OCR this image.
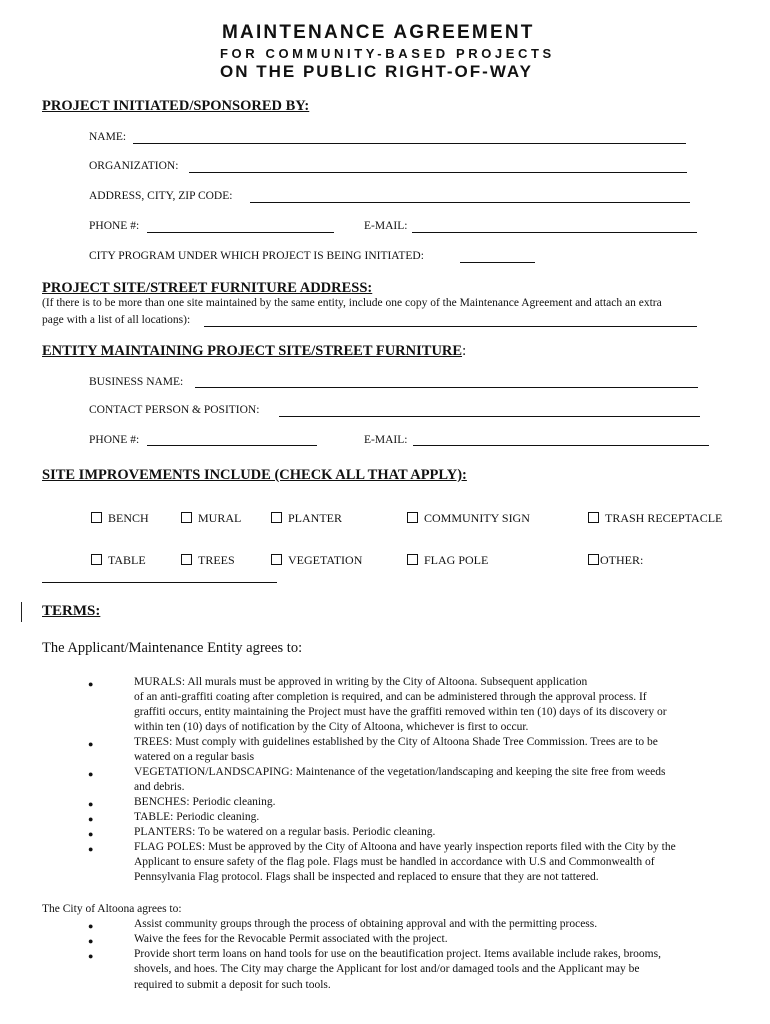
MAINTENANCE AGREEMENT
FOR COMMUNITY-BASED PROJECTS
ON THE PUBLIC RIGHT-OF-WAY
PROJECT INITIATED/SPONSORED BY:
NAME:
ORGANIZATION:
ADDRESS, CITY, ZIP CODE:
PHONE #:	E-MAIL:
CITY PROGRAM UNDER WHICH PROJECT IS BEING INITIATED:
PROJECT SITE/STREET FURNITURE ADDRESS:
(If there is to be more than one site maintained by the same entity, include one copy of the Maintenance Agreement and attach an extra
page with a list of all locations):
ENTITY MAINTAINING PROJECT SITE/STREET FURNITURE:
BUSINESS NAME:
CONTACT PERSON & POSITION:
PHONE #:	E-MAIL:
SITE IMPROVEMENTS INCLUDE (CHECK ALL THAT APPLY):
BENCH	MURAL	PLANTER	COMMUNITY SIGN	TRASH RECEPTACLE
TABLE	TREES	VEGETATION	FLAG POLE	OTHER:
TERMS:
The Applicant/Maintenance Entity agrees to:
●
●
●
●
●
●
●
MURALS: All murals must be approved in writing by the City of Altoona. Subsequent application
of an anti-graffiti coating after completion is required, and can be administered through the approval process. If
graffiti occurs, entity maintaining the Project must have the graffiti removed within ten (10) days of its discovery or
within ten (10) days of notification by the City of Altoona, whichever is first to occur.
TREES: Must comply with guidelines established by the City of Altoona Shade Tree Commission. Trees are to be
watered on a regular basis
VEGETATION/LANDSCAPING: Maintenance of the vegetation/landscaping and keeping the site free from weeds
and debris.
BENCHES: Periodic cleaning.
TABLE: Periodic cleaning.
PLANTERS: To be watered on a regular basis. Periodic cleaning.
FLAG POLES: Must be approved by the City of Altoona and have yearly inspection reports filed with the City by the
Applicant to ensure safety of the flag pole. Flags must be handled in accordance with U.S and Commonwealth of
Pennsylvania Flag protocol. Flags shall be inspected and replaced to ensure that they are not tattered.
The City of Altoona agrees to:
●
●
●
Assist community groups through the process of obtaining approval and with the permitting process.
Waive the fees for the Revocable Permit associated with the project.
Provide short term loans on hand tools for use on the beautification project. Items available include rakes, brooms,
shovels, and hoes. The City may charge the Applicant for lost and/or damaged tools and the Applicant may be
required to submit a deposit for such tools.
